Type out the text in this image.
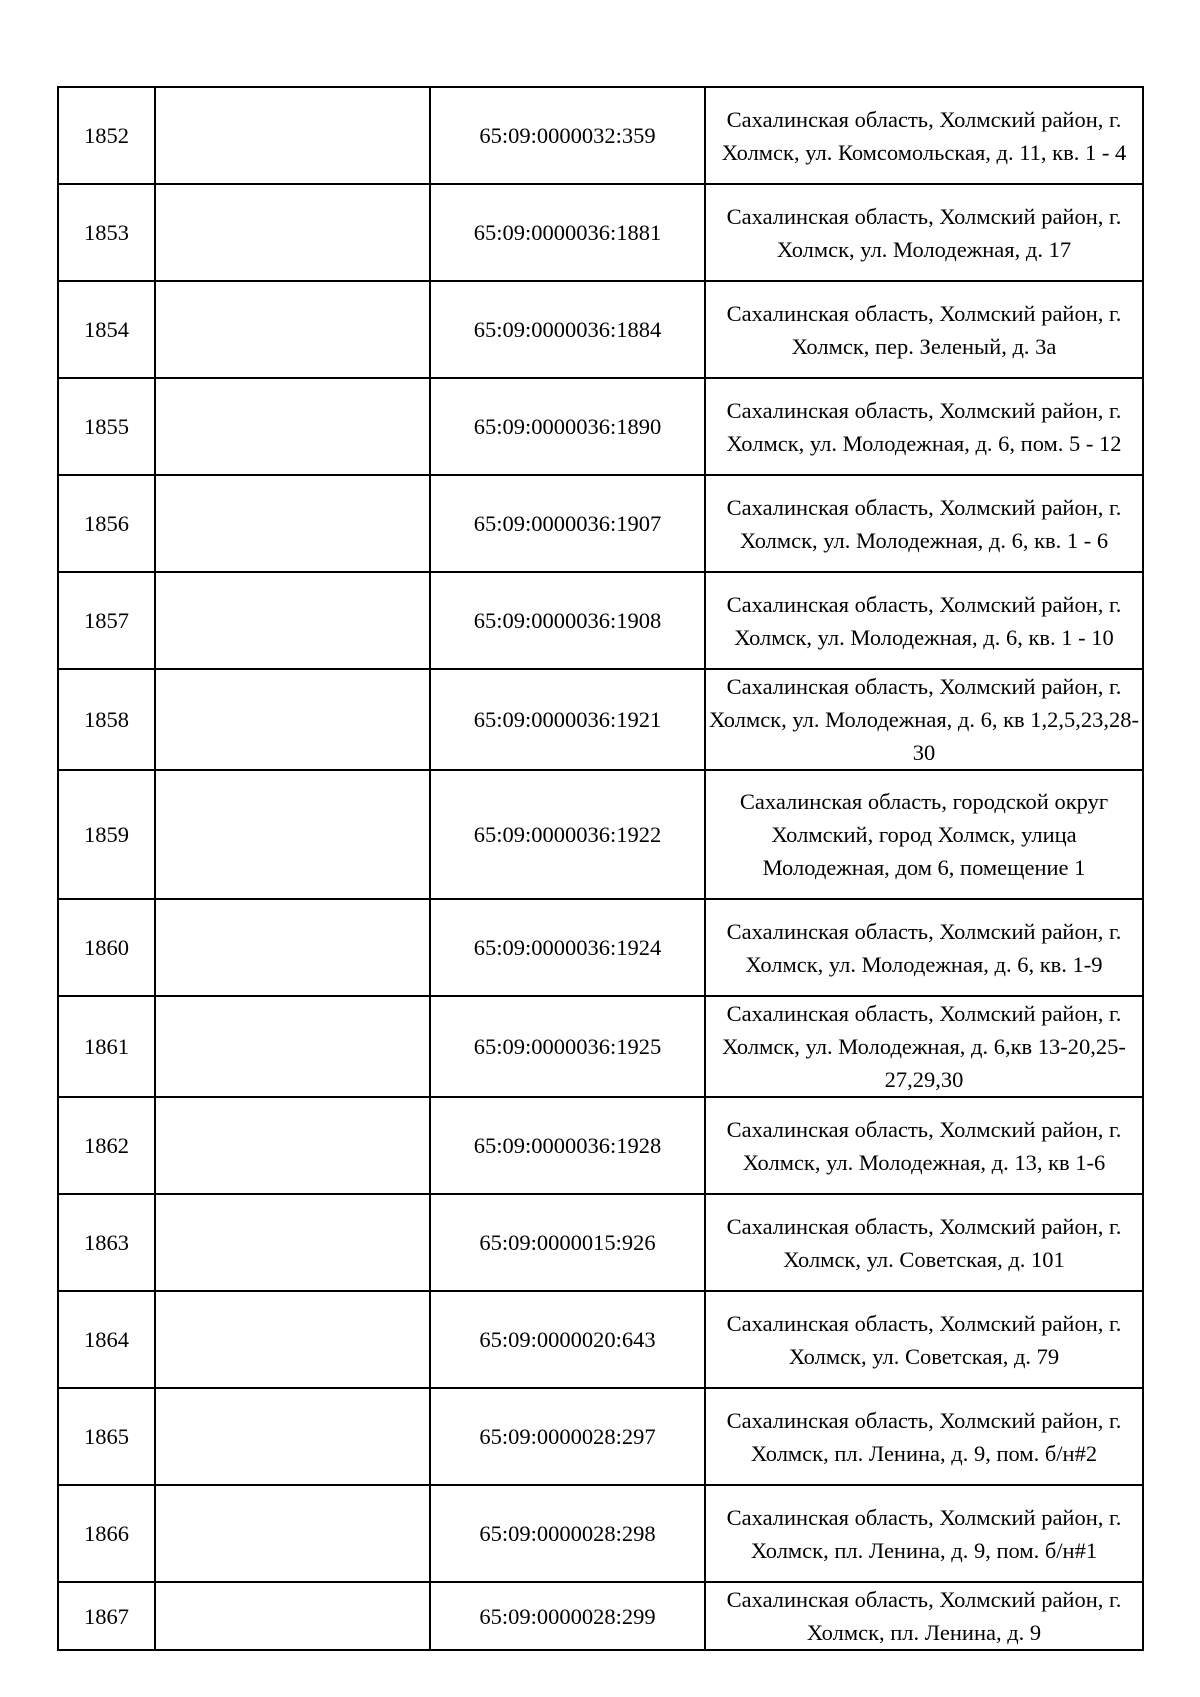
1852		65:09:0000032:359	Сахалинская область, Холмский район, г. Холмск, ул. Комсомольская, д. 11, кв. 1 - 4
1853		65:09:0000036:1881	Сахалинская область, Холмский район, г. Холмск, ул. Молодежная, д. 17
1854		65:09:0000036:1884	Сахалинская область, Холмский район, г. Холмск, пер. Зеленый, д. 3а
1855		65:09:0000036:1890	Сахалинская область, Холмский район, г. Холмск, ул. Молодежная, д. 6, пом. 5 - 12
1856		65:09:0000036:1907	Сахалинская область, Холмский район, г. Холмск, ул. Молодежная, д. 6, кв. 1 - 6
1857		65:09:0000036:1908	Сахалинская область, Холмский район, г. Холмск, ул. Молодежная, д. 6, кв. 1 - 10
1858		65:09:0000036:1921	Сахалинская область, Холмский район, г. Холмск, ул. Молодежная, д. 6, кв 1,2,5,23,28-30
1859		65:09:0000036:1922	Сахалинская область, городской округ Холмский, город Холмск, улица Молодежная, дом 6, помещение 1
1860		65:09:0000036:1924	Сахалинская область, Холмский район, г. Холмск, ул. Молодежная, д. 6, кв. 1-9
1861		65:09:0000036:1925	Сахалинская область, Холмский район, г. Холмск, ул. Молодежная, д. 6,кв 13-20,25-27,29,30
1862		65:09:0000036:1928	Сахалинская область, Холмский район, г. Холмск, ул. Молодежная, д. 13, кв 1-6
1863		65:09:0000015:926	Сахалинская область, Холмский район, г. Холмск, ул. Советская, д. 101
1864		65:09:0000020:643	Сахалинская область, Холмский район, г. Холмск, ул. Советская, д. 79
1865		65:09:0000028:297	Сахалинская область, Холмский район, г. Холмск, пл. Ленина, д. 9, пом. б/н#2
1866		65:09:0000028:298	Сахалинская область, Холмский район, г. Холмск, пл. Ленина, д. 9, пом. б/н#1
1867		65:09:0000028:299	Сахалинская область, Холмский район, г. Холмск, пл. Ленина, д. 9
